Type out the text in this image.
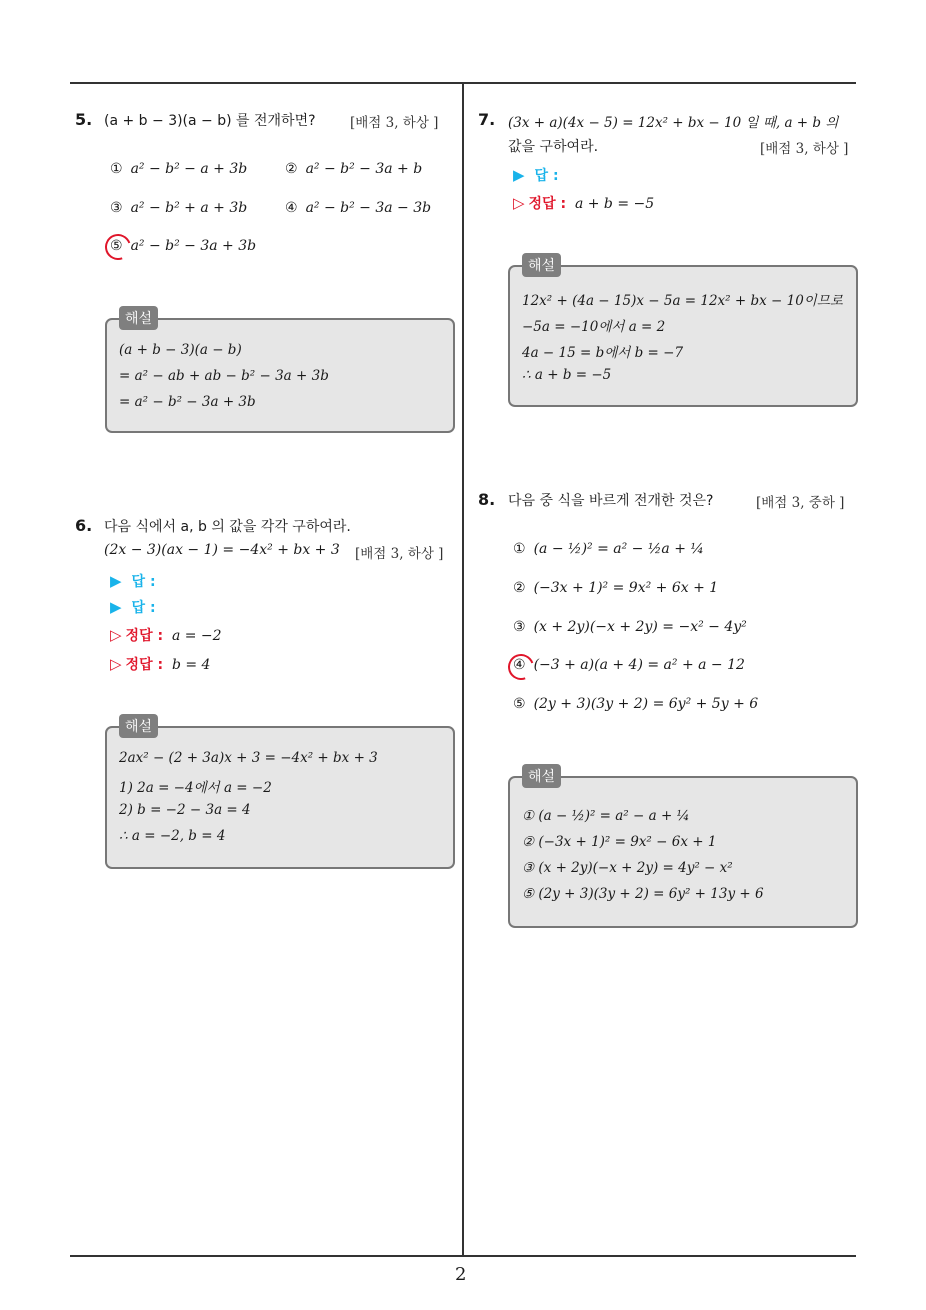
5. (a + b − 3)(a − b) 를 전개하면?	[배점 3, 하상 ]
① a² − b² − a + 3b	② a² − b² − 3a + b
③ a² − b² + a + 3b	④ a² − b² − 3a − 3b
⑤ a² − b² − 3a + 3b
해설
(a + b − 3)(a − b)
= a² − ab + ab − b² − 3a + 3b
= a² − b² − 3a + 3b
6. 다음 식에서 a, b 의 값을 각각 구하여라.
(2x − 3)(ax − 1) = −4x² + bx + 3 [배점 3, 하상 ]
▶ 답 :
▶ 답 :
▷ 정답 : a = −2
▷ 정답 : b = 4
해설
2ax² − (2 + 3a)x + 3 = −4x² + bx + 3
1) 2a = −4에서 a = −2
2) b = −2 − 3a = 4
∴ a = −2, b = 4
7. (3x + a)(4x − 5) = 12x² + bx − 10 일 때, a + b 의
값을 구하여라.	[배점 3, 하상 ]
▶ 답 :
▷ 정답 : a + b = −5
해설
12x² + (4a − 15)x − 5a = 12x² + bx − 10이므로
−5a = −10에서 a = 2
4a − 15 = b에서 b = −7
∴ a + b = −5
8. 다음 중 식을 바르게 전개한 것은?	[배점 3, 중하 ]
① (a − ½)² = a² − ½a + ¼
② (−3x + 1)² = 9x² + 6x + 1
③ (x + 2y)(−x + 2y) = −x² − 4y²
④ (−3 + a)(a + 4) = a² + a − 12
⑤ (2y + 3)(3y + 2) = 6y² + 5y + 6
해설
① (a − ½)² = a² − a + ¼
② (−3x + 1)² = 9x² − 6x + 1
③ (x + 2y)(−x + 2y) = 4y² − x²
⑤ (2y + 3)(3y + 2) = 6y² + 13y + 6
2
